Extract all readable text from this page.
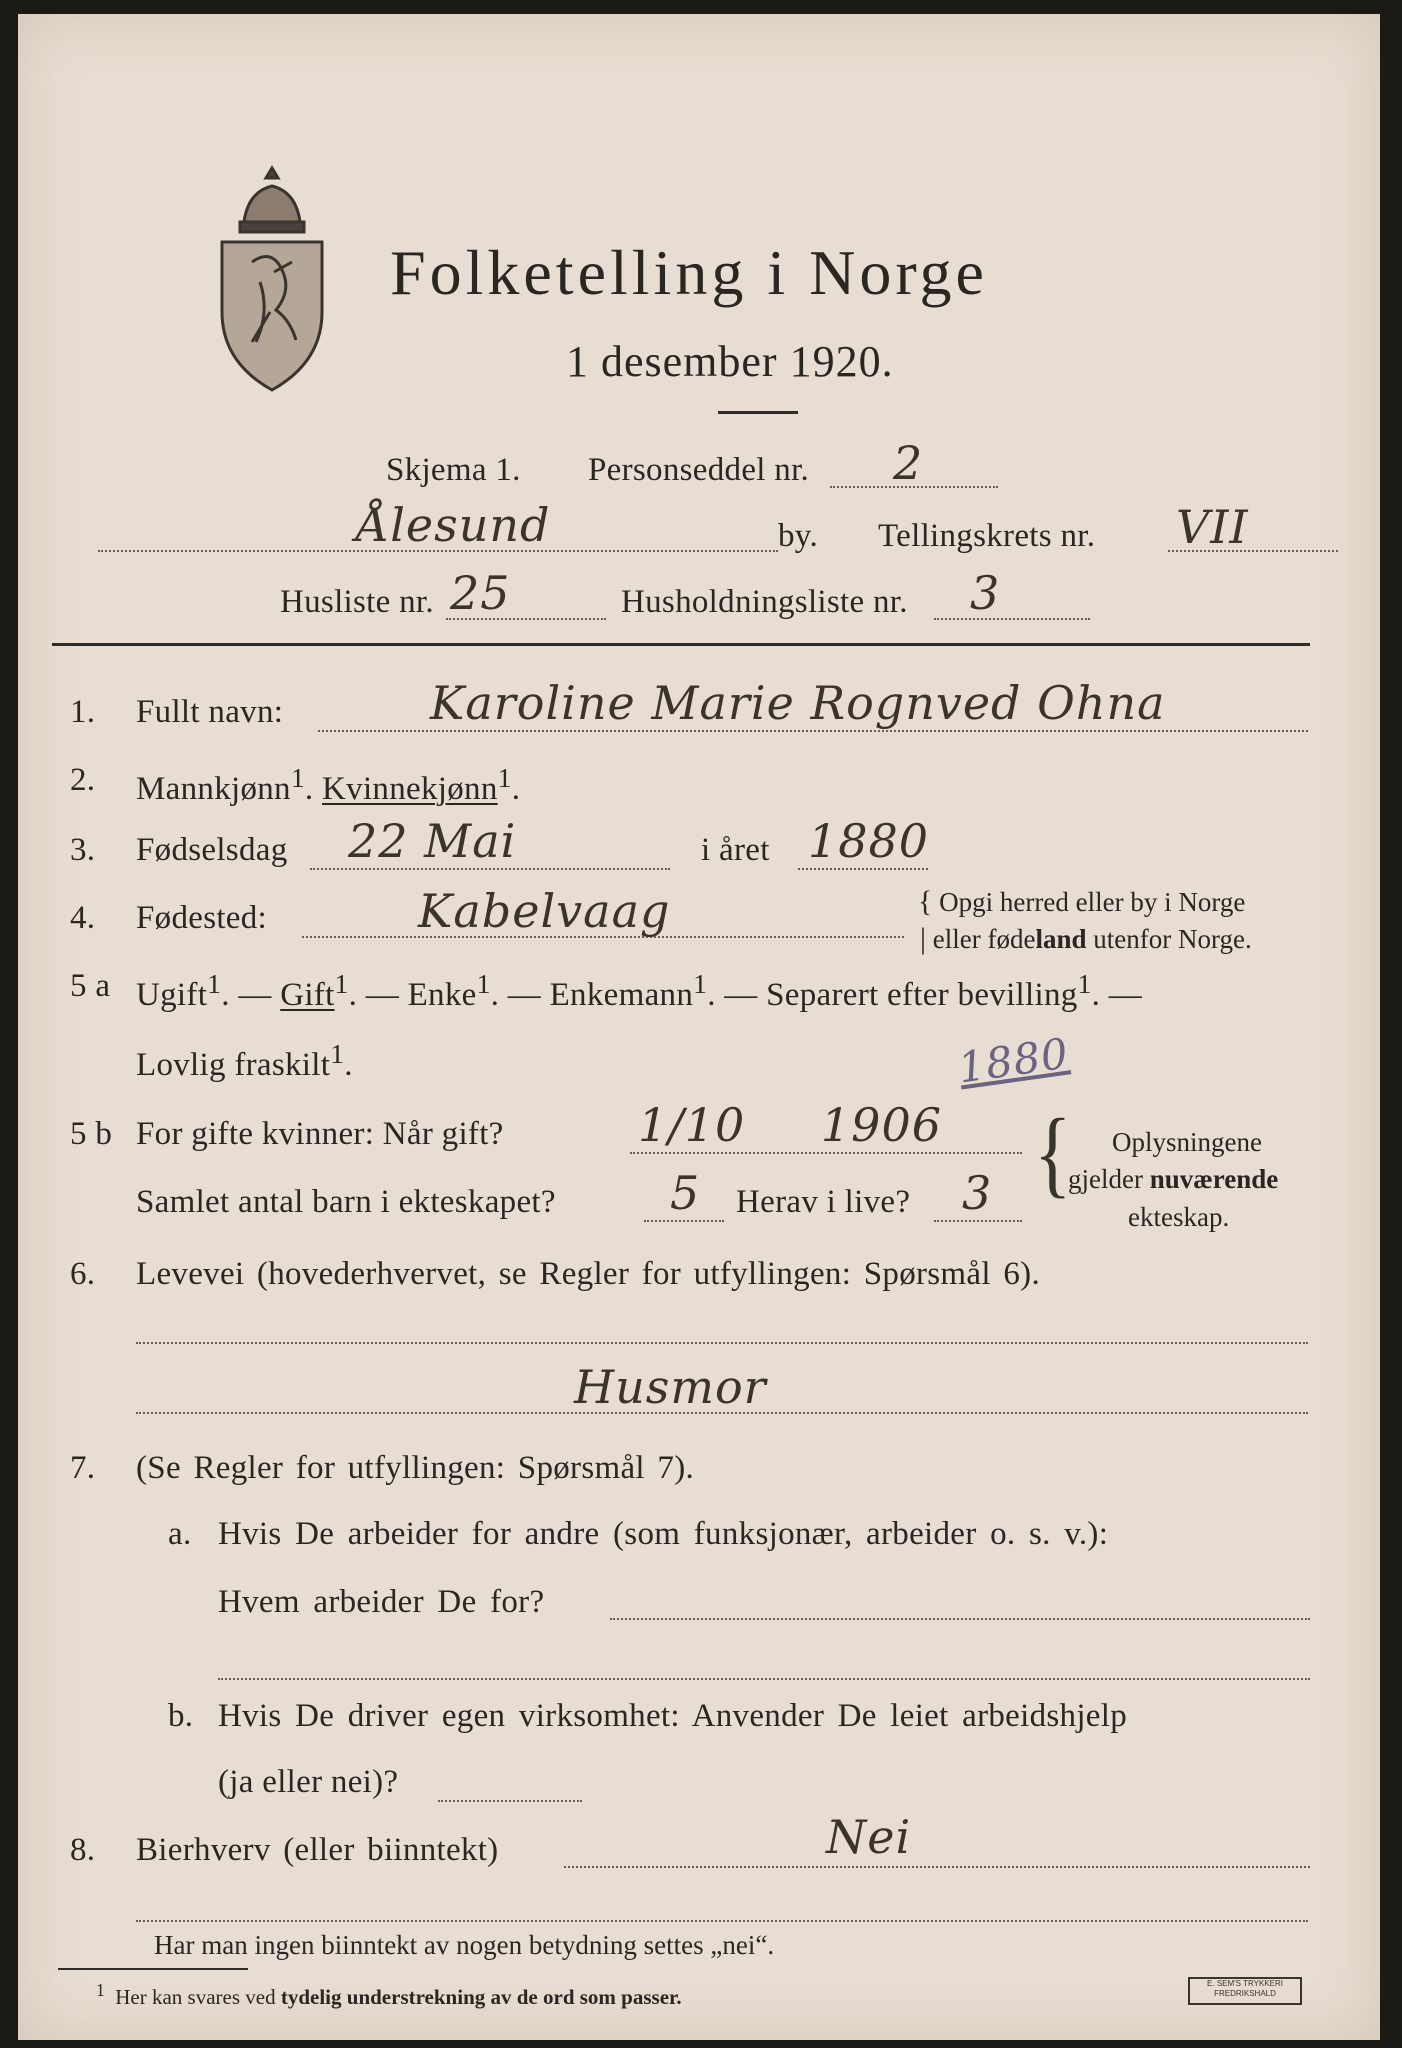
Folketelling i Norge
1 desember 1920.
Skjema 1. Personseddel nr. 2
Ålesund	by. Tellingskrets nr. VII
Husliste nr. 25	Husholdningsliste nr. 3
1. Fullt navn:	Karoline Marie Rognved Ohna
2. Mannkjønn$^1$. Kvinnekjønn$^1$.
3. Fødselsdag 22 Mai	i året 1880
4. Fødested:	Kabelvaag	{ Opgi herred eller by i Norge
| eller fødeland utenfor Norge.
5 a Ugift$^1$. — Gift$^1$. — Enke$^1$. — Enkemann$^1$. — Separert efter bevilling$^1$. —
Lovlig fraskilt$^1$.	1880
5 b For gifte kvinner: Når gift?	1/10 1906
Samlet antal barn i ekteskapet? 5 Herav i live? 3 { Oplysningene
gjelder nuværende
ekteskap.
6. Levevei (hovederhvervet, se Regler for utfyllingen: Spørsmål 6).
Husmor
7. (Se Regler for utfyllingen: Spørsmål 7).
a. Hvis De arbeider for andre (som funksjonær, arbeider o. s. v.):
Hvem arbeider De for?
b. Hvis De driver egen virksomhet: Anvender De leiet arbeidshjelp
(ja eller nei)?
8. Bierhverv (eller biinntekt)	Nei
Har man ingen biinntekt av nogen betydning settes „nei“.
$^1$ Her kan svares ved tydelig understrekning av de ord som passer.
E. SEM'S TRYKKERI
FREDRIKSHALD
